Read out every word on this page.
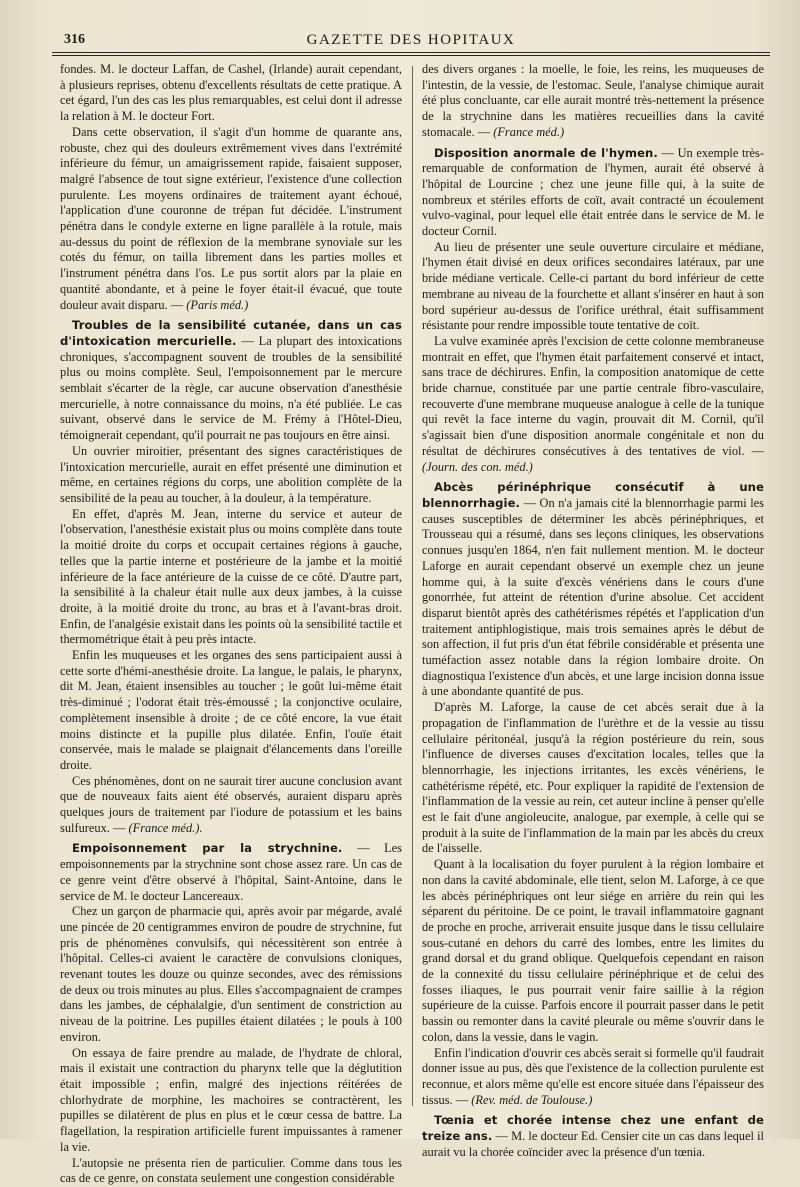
316	GAZETTE DES HOPITAUX

fondes. M. le docteur Laffan, de Cashel, (Irlande) aurait cependant, à plusieurs reprises, obtenu d'excellents résultats de cette pratique. A cet égard, l'un des cas les plus remarquables, est celui dont il adresse la relation à M. le docteur Fort.

Dans cette observation, il s'agit d'un homme de quarante ans, robuste, chez qui des douleurs extrêmement vives dans l'extrémité inférieure du fémur, un amaigrissement rapide, faisaient supposer, malgré l'absence de tout signe extérieur, l'existence d'une collection purulente. Les moyens ordinaires de traitement ayant échoué, l'application d'une couronne de trépan fut décidée. L'instrument pénétra dans le condyle externe en ligne parallèle à la rotule, mais au-dessus du point de réflexion de la membrane synoviale sur les cotés du fémur, on tailla librement dans les parties molles et l'instrument pénétra dans l'os. Le pus sortit alors par la plaie en quantité abondante, et à peine le foyer était-il évacué, que toute douleur avait disparu. — (Paris méd.)

Troubles de la sensibilité cutanée, dans un cas d'intoxication mercurielle. — La plupart des intoxications chroniques, s'accompagnent souvent de troubles de la sensibilité plus ou moins complète. Seul, l'empoisonnement par le mercure semblait s'écarter de la règle, car aucune observation d'anesthésie mercurielle, à notre connaissance du moins, n'a été publiée. Le cas suivant, observé dans le service de M. Frémy à l'Hôtel-Dieu, témoignerait cependant, qu'il pourrait ne pas toujours en être ainsi.

Un ouvrier miroitier, présentant des signes caractéristiques de l'intoxication mercurielle, aurait en effet présenté une diminution et même, en certaines régions du corps, une abolition complète de la sensibilité de la peau au toucher, à la douleur, à la température.

En effet, d'après M. Jean, interne du service et auteur de l'observation, l'anesthésie existait plus ou moins complète dans toute la moitié droite du corps et occupait certaines régions à gauche, telles que la partie interne et postérieure de la jambe et la moitié inférieure de la face antérieure de la cuisse de ce côté. D'autre part, la sensibilité à la chaleur était nulle aux deux jambes, à la cuisse droite, à la moitié droite du tronc, au bras et à l'avant-bras droit. Enfin, de l'analgésie existait dans les points où la sensibilité tactile et thermométrique était à peu près intacte.

Enfin les muqueuses et les organes des sens participaient aussi à cette sorte d'hémi-anesthésie droite. La langue, le palais, le pharynx, dit M. Jean, étaient insensibles au toucher ; le goût lui-même était très-diminué ; l'odorat était très-émoussé ; la conjonctive oculaire, complètement insensible à droite ; de ce côté encore, la vue était moins distincte et la pupille plus dilatée. Enfin, l'ouïe était conservée, mais le malade se plaignait d'élancements dans l'oreille droite.

Ces phénomènes, dont on ne saurait tirer aucune conclusion avant que de nouveaux faits aient été observés, auraient disparu après quelques jours de traitement par l'iodure de potassium et les bains sulfureux. — (France méd.).

Empoisonnement par la strychnine. — Les empoisonnements par la strychnine sont chose assez rare. Un cas de ce genre veint d'être observé à l'hôpital, Saint-Antoine, dans le service de M. le docteur Lancereaux.

Chez un garçon de pharmacie qui, après avoir par mégarde, avalé une pincée de 20 centigrammes environ de poudre de strychnine, fut pris de phénomènes convulsifs, qui nécessitèrent son entrée à l'hôpital. Celles-ci avaient le caractère de convulsions cloniques, revenant toutes les douze ou quinze secondes, avec des rémissions de deux ou trois minutes au plus. Elles s'accompagnaient de crampes dans les jambes, de céphalalgie, d'un sentiment de constriction au niveau de la poitrine. Les pupilles étaient dilatées ; le pouls à 100 environ.

On essaya de faire prendre au malade, de l'hydrate de chloral, mais il existait une contraction du pharynx telle que la déglutition était impossible ; enfin, malgré des injections réitérées de chlorhydrate de morphine, les machoires se contractèrent, les pupilles se dilatèrent de plus en plus et le cœur cessa de battre. La flagellation, la respiration artificielle furent impuissantes à ramener la vie.

L'autopsie ne présenta rien de particulier. Comme dans tous les cas de ce genre, on constata seulement une congestion considérable

des divers organes : la moelle, le foie, les reins, les muqueuses de l'intestin, de la vessie, de l'estomac. Seule, l'analyse chimique aurait été plus concluante, car elle aurait montré très-nettement la présence de la strychnine dans les matières recueillies dans la cavité stomacale. — (France méd.)

Disposition anormale de l'hymen. — Un exemple très-remarquable de conformation de l'hymen, aurait été observé à l'hôpital de Lourcine ; chez une jeune fille qui, à la suite de nombreux et stériles efforts de coït, avait contracté un écoulement vulvo-vaginal, pour lequel elle était entrée dans le service de M. le docteur Cornil.

Au lieu de présenter une seule ouverture circulaire et médiane, l'hymen était divisé en deux orifices secondaires latéraux, par une bride médiane verticale. Celle-ci partant du bord inférieur de cette membrane au niveau de la fourchette et allant s'insérer en haut à son bord supérieur au-dessus de l'orifice uréthral, était suffisamment résistante pour rendre impossible toute tentative de coït.

La vulve examinée après l'excision de cette colonne membraneuse montrait en effet, que l'hymen était parfaitement conservé et intact, sans trace de déchirures. Enfin, la composition anatomique de cette bride charnue, constituée par une partie centrale fibro-vasculaire, recouverte d'une membrane muqueuse analogue à celle de la tunique qui revêt la face interne du vagin, prouvait dit M. Cornil, qu'il s'agissait bien d'une disposition anormale congénitale et non du résultat de déchirures consécutives à des tentatives de viol. — (Journ. des con. méd.)

Abcès périnéphrique consécutif à une blennorrhagie. — On n'a jamais cité la blennorrhagie parmi les causes susceptibles de déterminer les abcès périnéphriques, et Trousseau qui a résumé, dans ses leçons cliniques, les observations connues jusqu'en 1864, n'en fait nullement mention. M. le docteur Laforge en aurait cependant observé un exemple chez un jeune homme qui, à la suite d'excès vénériens dans le cours d'une gonorrhée, fut atteint de rétention d'urine absolue. Cet accident disparut bientôt après des cathétérismes répétés et l'application d'un traitement antiphlogistique, mais trois semaines après le début de son affection, il fut pris d'un état fébrile considérable et présenta une tuméfaction assez notable dans la région lombaire droite. On diagnostiqua l'existence d'un abcès, et une large incision donna issue à une abondante quantité de pus.

D'après M. Laforge, la cause de cet abcès serait due à la propagation de l'inflammation de l'urèthre et de la vessie au tissu cellulaire péritonéal, jusqu'à la région postérieure du rein, sous l'influence de diverses causes d'excitation locales, telles que la blennorrhagie, les injections irritantes, les excès vénériens, le cathétérisme répété, etc. Pour expliquer la rapidité de l'extension de l'inflammation de la vessie au rein, cet auteur incline à penser qu'elle est le fait d'une angioleucite, analogue, par exemple, à celle qui se produit à la suite de l'inflammation de la main par les abcès du creux de l'aisselle.

Quant à la localisation du foyer purulent à la région lombaire et non dans la cavité abdominale, elle tient, selon M. Laforge, à ce que les abcès périnéphriques ont leur siége en arrière du rein qui les séparent du péritoine. De ce point, le travail inflammatoire gagnant de proche en proche, arriverait ensuite jusque dans le tissu cellulaire sous-cutané en dehors du carré des lombes, entre les limites du grand dorsal et du grand oblique. Quelquefois cependant en raison de la connexité du tissu cellulaire périnéphrique et de celui des fosses iliaques, le pus pourrait venir faire saillie à la région supérieure de la cuisse. Parfois encore il pourrait passer dans le petit bassin ou remonter dans la cavité pleurale ou même s'ouvrir dans le colon, dans la vessie, dans le vagin.

Enfin l'indication d'ouvrir ces abcès serait si formelle qu'il faudrait donner issue au pus, dès que l'existence de la collection purulente est reconnue, et alors même qu'elle est encore située dans l'épaisseur des tissus. — (Rev. méd. de Toulouse.)

Tœnia et chorée intense chez une enfant de treize ans. — M. le docteur Ed. Censier cite un cas dans lequel il aurait vu la chorée coïncider avec la présence d'un tœnia.
